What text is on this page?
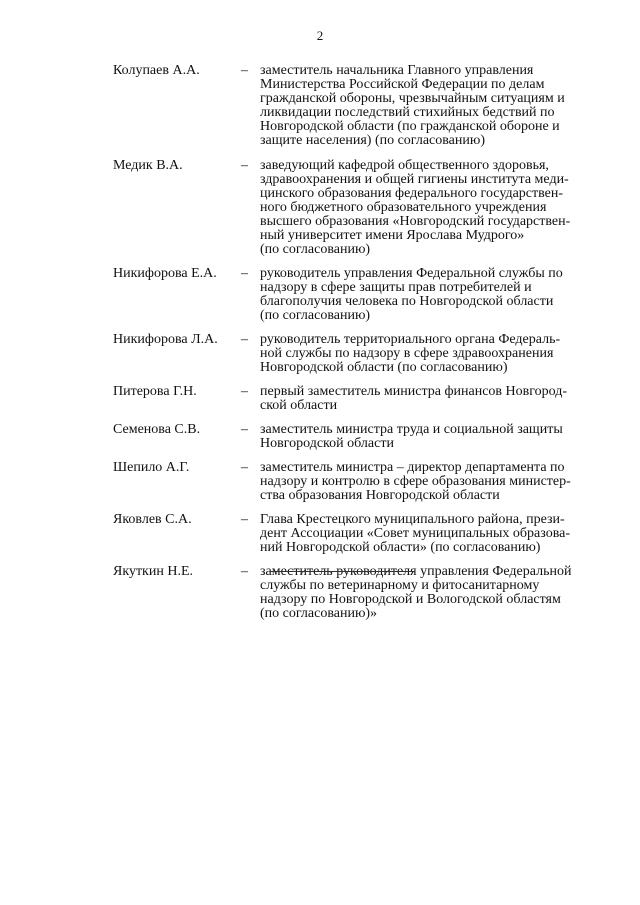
2
Колупаев А.А.	– заместитель начальника Главного управления
Министерства Российской Федерации по делам
гражданской обороны, чрезвычайным ситуациям и
ликвидации последствий стихийных бедствий по
Новгородской области (по гражданской обороне и
защите населения) (по согласованию)
Медик В.А.	– заведующий кафедрой общественного здоровья,
здравоохранения и общей гигиены института меди-
цинского образования федерального государствен-
ного бюджетного образовательного учреждения
высшего образования «Новгородский государствен-
ный университет имени Ярослава Мудрого»
(по согласованию)
Никифорова Е.А.	– руководитель управления Федеральной службы по
надзору в сфере защиты прав потребителей и
благополучия человека по Новгородской области
(по согласованию)
Никифорова Л.А.	– руководитель территориального органа Федераль-
ной службы по надзору в сфере здравоохранения
Новгородской области (по согласованию)
Питерова Г.Н.	– первый заместитель министра финансов Новгород-
ской области
Семенова С.В.	– заместитель министра труда и социальной защиты
Новгородской области
Шепило А.Г.	– заместитель министра – директор департамента по
надзору и контролю в сфере образования министер-
ства образования Новгородской области
Яковлев С.А.	– Глава Крестецкого муниципального района, прези-
дент Ассоциации «Совет муниципальных образова-
ний Новгородской области» (по согласованию)
Якуткин Н.Е.	– заместитель руководителя управления Федеральной
службы по ветеринарному и фитосанитарному
надзору по Новгородской и Вологодской областям
(по согласованию)»
